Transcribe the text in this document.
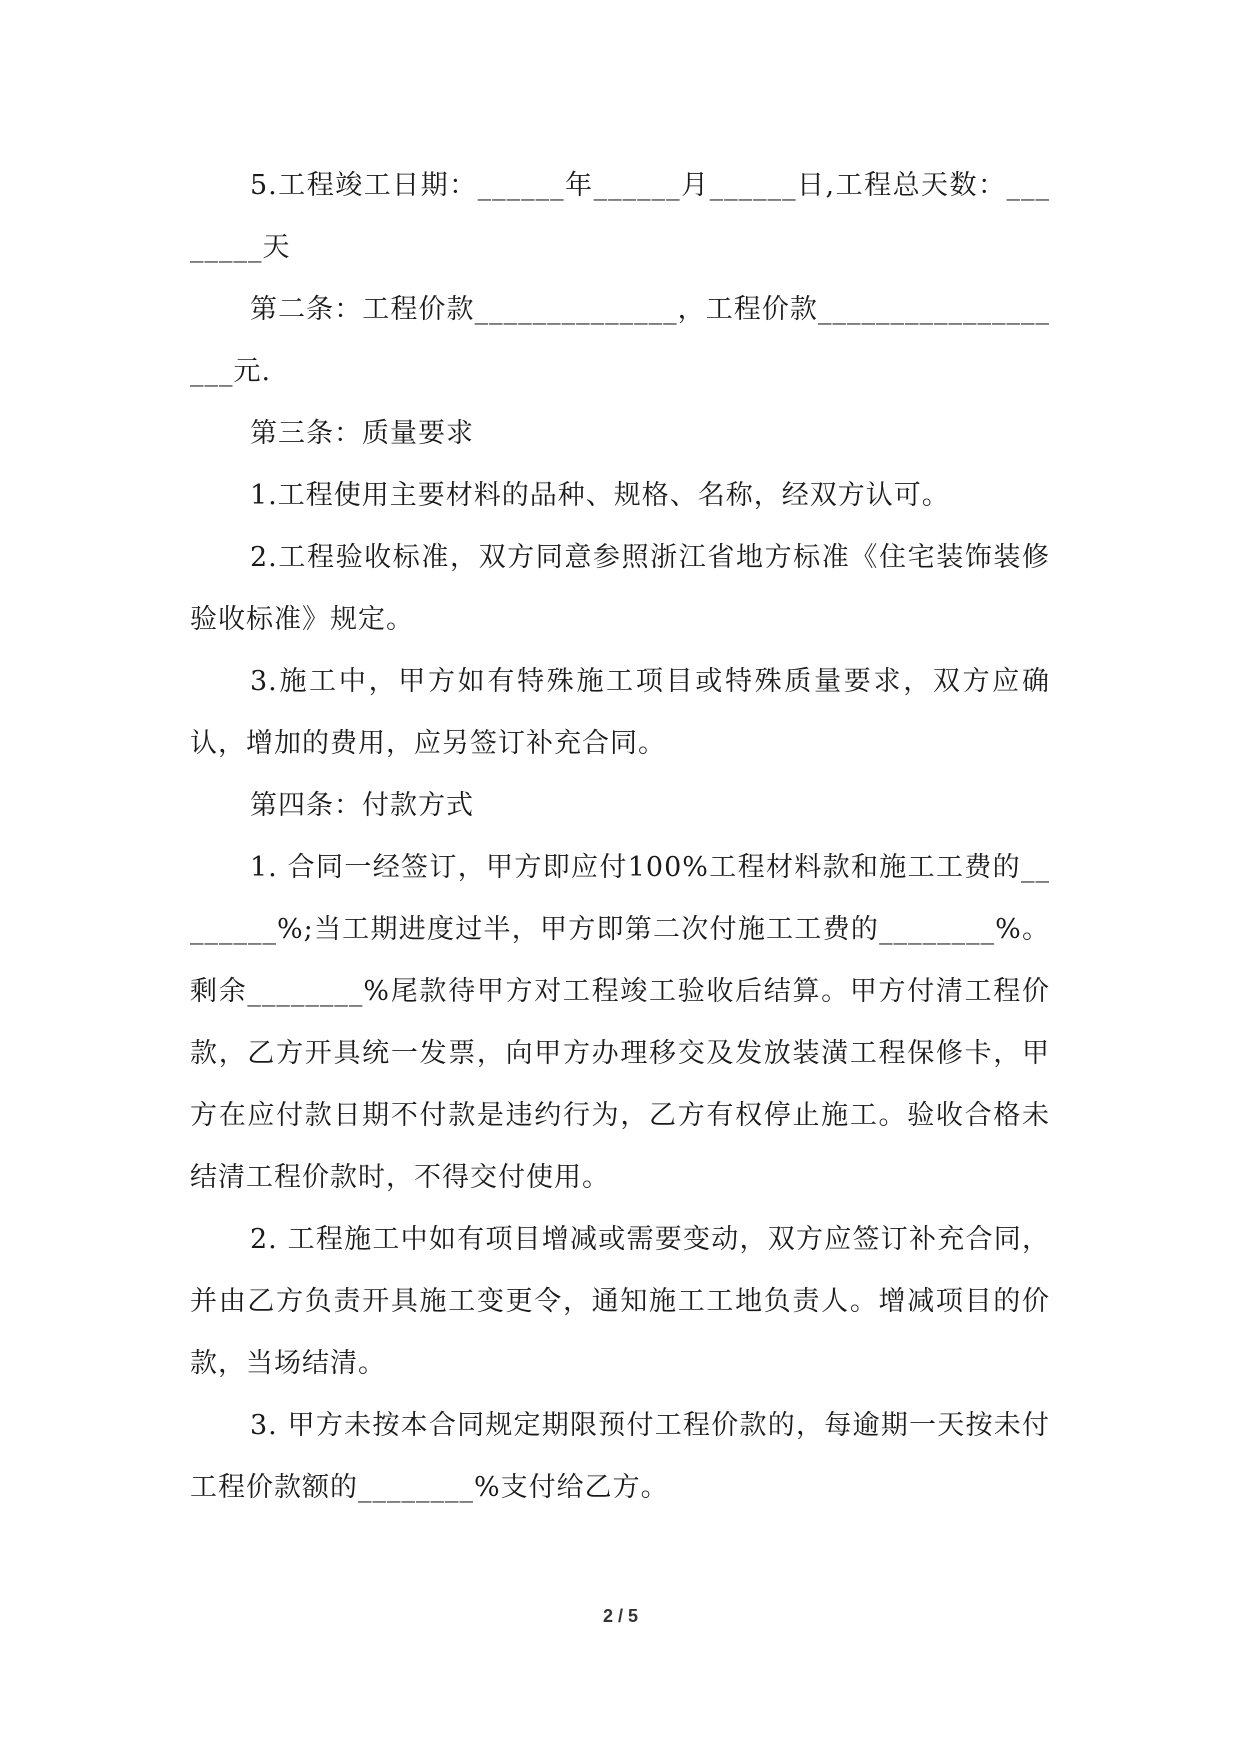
5.工程竣工日期：______年______月______日,工程总天数：________天

第二条：工程价款______________，工程价款___________________元.

第三条：质量要求

1.工程使用主要材料的品种、规格、名称，经双方认可。

2.工程验收标准，双方同意参照浙江省地方标准《住宅装饰装修验收标准》规定。

3.施工中，甲方如有特殊施工项目或特殊质量要求，双方应确认，增加的费用，应另签订补充合同。

第四条：付款方式

1. 合同一经签订，甲方即应付100%工程材料款和施工工费的________%;当工期进度过半，甲方即第二次付施工工费的________%。剩余________%尾款待甲方对工程竣工验收后结算。甲方付清工程价款，乙方开具统一发票，向甲方办理移交及发放装潢工程保修卡，甲方在应付款日期不付款是违约行为，乙方有权停止施工。验收合格未结清工程价款时，不得交付使用。

2. 工程施工中如有项目增减或需要变动，双方应签订补充合同，并由乙方负责开具施工变更令，通知施工工地负责人。增减项目的价款，当场结清。

3. 甲方未按本合同规定期限预付工程价款的，每逾期一天按未付工程价款额的________%支付给乙方。

2 / 5
